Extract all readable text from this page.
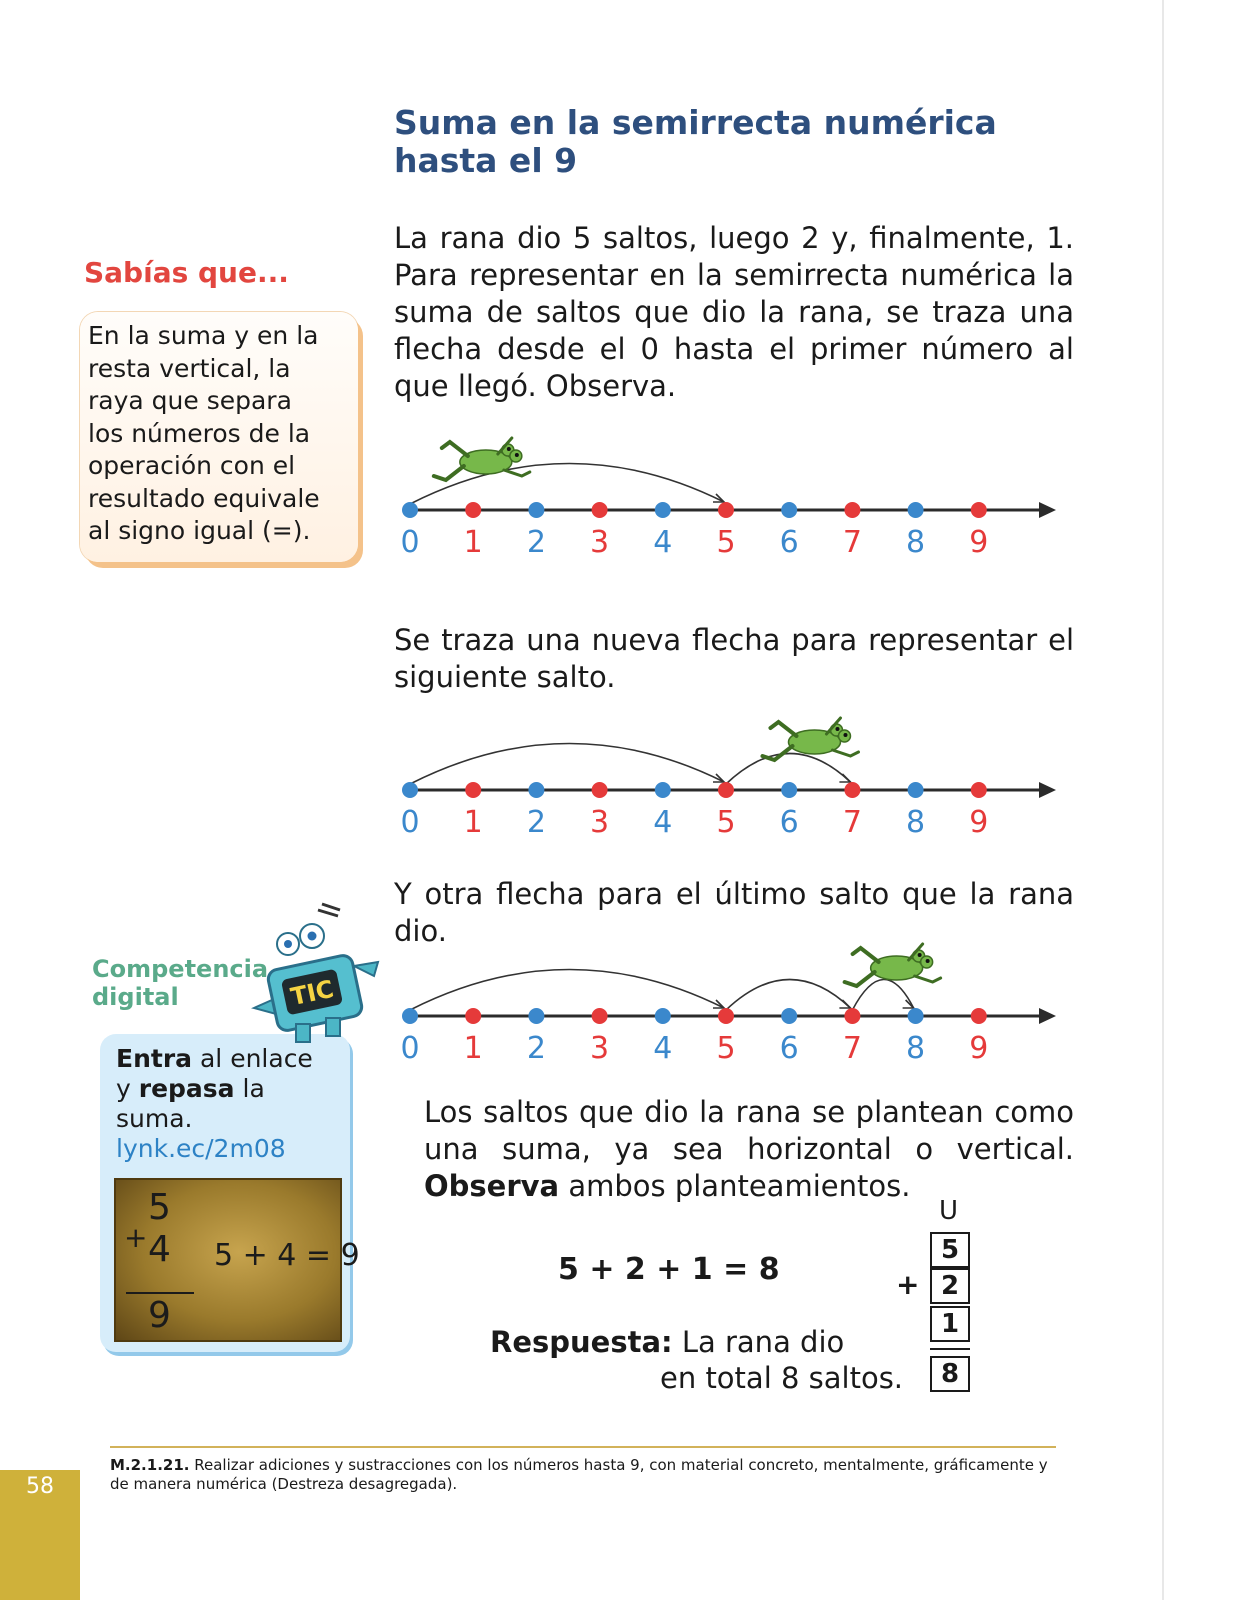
Suma en la semirrecta numérica
hasta el 9
La rana dio 5 saltos, luego 2 y, finalmente, 1. Para representar en la semirrecta numérica la suma de saltos que dio la rana, se traza una flecha desde el 0 hasta el primer número al que llegó. Observa.
0 1 2 3 4 5 6 7 8 9
Se traza una nueva flecha para representar el siguiente salto.
0 1 2 3 4 5 6 7 8 9
Y otra flecha para el último salto que la rana dio.
0 1 2 3 4 5 6 7 8 9
Los saltos que dio la rana se plantean como una suma, ya sea horizontal o vertical. Observa ambos planteamientos.
Sabías que...
En la suma y en la
resta vertical, la
raya que separa
los números de la
operación con el
resultado equivale
al signo igual (=).
Competencia
digital
Entra al enlace
y repasa la
suma.
lynk.ec/2m08
5
+ 4
9
5 + 4 = 9
TIC
5 + 2 + 1 = 8
Respuesta: La rana dio
en total 8 saltos.
U
5
2
1
+
8
M.2.1.21. Realizar adiciones y sustracciones con los números hasta 9, con material concreto, mentalmente, gráficamente y de manera numérica (Destreza desagregada).
58
